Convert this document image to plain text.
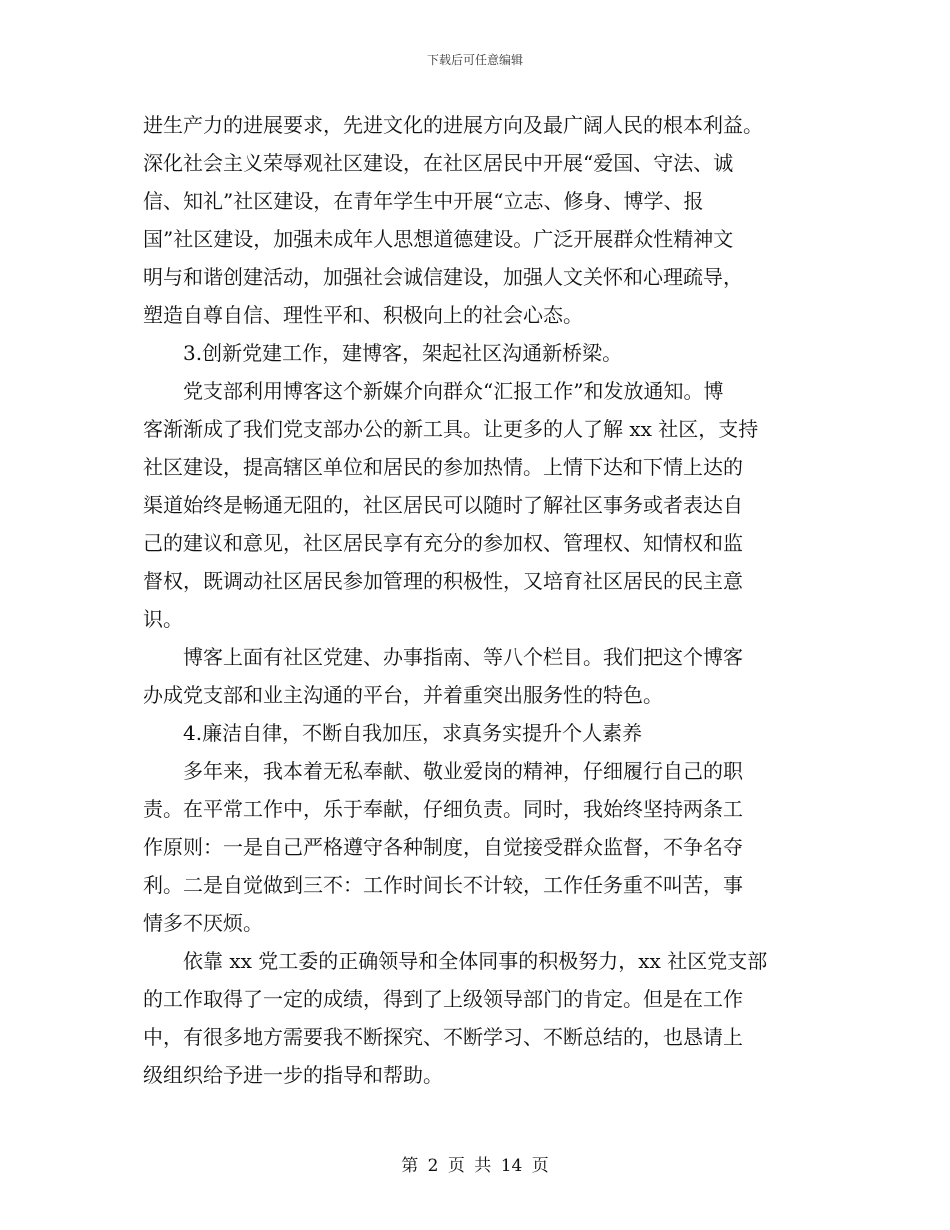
下载后可任意编辑
进生产力的进展要求，先进文化的进展方向及最广阔人民的根本利益。
深化社会主义荣辱观社区建设，在社区居民中开展“爱国、守法、诚
信、知礼”社区建设，在青年学生中开展“立志、修身、博学、报
国”社区建设，加强未成年人思想道德建设。广泛开展群众性精神文
明与和谐创建活动，加强社会诚信建设，加强人文关怀和心理疏导，
塑造自尊自信、理性平和、积极向上的社会心态。
　　3.创新党建工作，建博客，架起社区沟通新桥梁。
　　党支部利用博客这个新媒介向群众“汇报工作”和发放通知。博
客渐渐成了我们党支部办公的新工具。让更多的人了解 xx 社区，支持
社区建设，提高辖区单位和居民的参加热情。上情下达和下情上达的
渠道始终是畅通无阻的，社区居民可以随时了解社区事务或者表达自
己的建议和意见，社区居民享有充分的参加权、管理权、知情权和监
督权，既调动社区居民参加管理的积极性，又培育社区居民的民主意
识。
　　博客上面有社区党建、办事指南、等八个栏目。我们把这个博客
办成党支部和业主沟通的平台，并着重突出服务性的特色。
　　4.廉洁自律，不断自我加压，求真务实提升个人素养
　　多年来，我本着无私奉献、敬业爱岗的精神，仔细履行自己的职
责。在平常工作中，乐于奉献，仔细负责。同时，我始终坚持两条工
作原则：一是自己严格遵守各种制度，自觉接受群众监督，不争名夺
利。二是自觉做到三不：工作时间长不计较，工作任务重不叫苦，事
情多不厌烦。
　　依靠 xx 党工委的正确领导和全体同事的积极努力，xx 社区党支部
的工作取得了一定的成绩，得到了上级领导部门的肯定。但是在工作
中，有很多地方需要我不断探究、不断学习、不断总结的，也恳请上
级组织给予进一步的指导和帮助。
第 2 页 共 14 页
